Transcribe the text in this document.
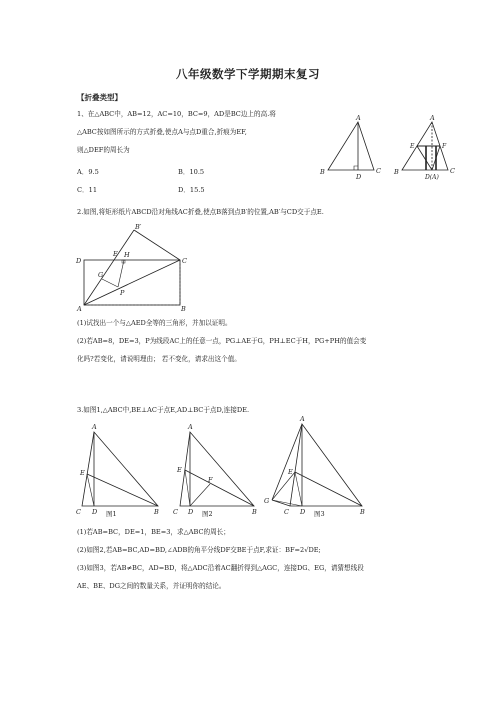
八年级数学下学期期末复习
【折叠类型】
1、在△ABC中，AB=12，AC=10，BC=9，AD是BC边上的高.将
△ABC按如图所示的方式折叠,使点A与点D重合,折痕为EF,
则△DEF的周长为
A．9.5	B．10.5
C．11	D．15.5
A
B	C
D
A
E	F
B	C
D(A)
2.如图,将矩形纸片ABCD沿对角线AC折叠,使点B落到点B′的位置,AB′与CD交于点E.
B′
E H
D	C
G
P
A	B
(1)试找出一个与△AED全等的三角形，并加以证明。
(2)若AB=8，DE=3，P为线段AC上的任意一点，PG⊥AE于G，PH⊥EC于H，PG+PH的值会变
化吗?若变化，请说明理由； 若不变化，请求出这个值。
3.如图1,△ABC中,BE⊥AC于点E,AD⊥BC于点D,连接DE.
A
E
C D	B
图1
A
E
F
C D	B
图2
A
E
G
C D	B
图3
(1)若AB=BC，DE=1，BE=3，求△ABC的周长；
(2)如图2,若AB=BC,AD=BD,∠ADB的角平分线DF交BE于点F,求证：BF=2√DE;
(3)如图3，若AB≠BC，AD=BD，将△ADC沿着AC翻折得到△AGC，连接DG、EG，请猜想线段
AE、BE、DG之间的数量关系，并证明你的结论。
